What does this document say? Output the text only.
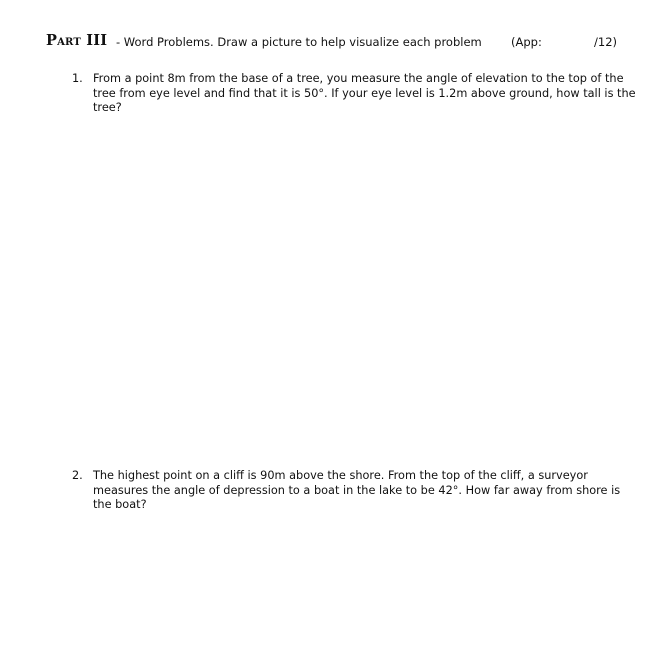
Part III - Word Problems. Draw a picture to help visualize each problem	(App:	/12)
1. From a point 8m from the base of a tree, you measure the angle of elevation to the top of the tree from eye level and find that it is 50°. If your eye level is 1.2m above ground, how tall is the tree?
2. The highest point on a cliff is 90m above the shore. From the top of the cliff, a surveyor measures the angle of depression to a boat in the lake to be 42°. How far away from shore is the boat?
